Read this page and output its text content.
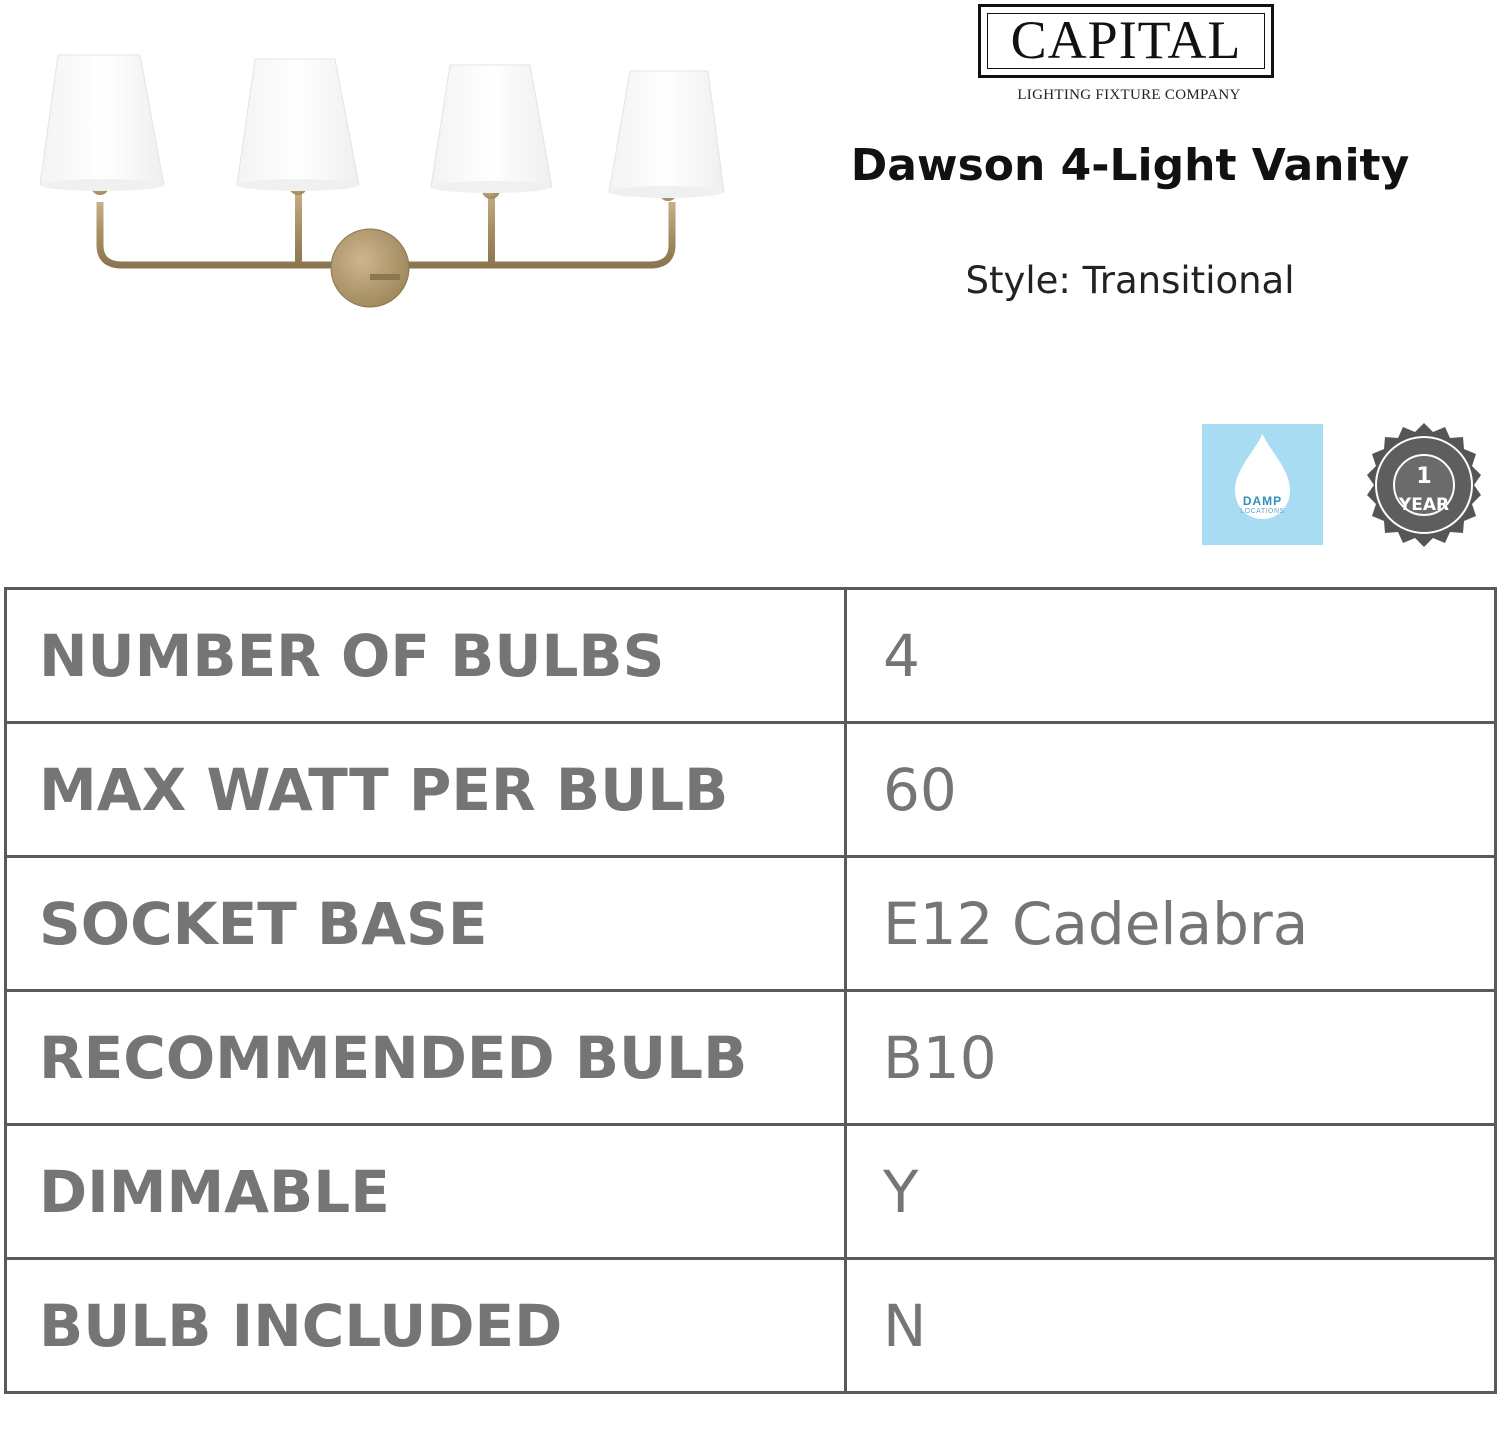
CAPITAL
LIGHTING FIXTURE COMPANY
Dawson 4-Light Vanity
Style: Transitional
DAMP
LOCATIONS
1
YEAR
NUMBER OF BULBS	4
MAX WATT PER BULB	60
SOCKET BASE	E12 Cadelabra
RECOMMENDED BULB	B10
DIMMABLE	Y
BULB INCLUDED	N
